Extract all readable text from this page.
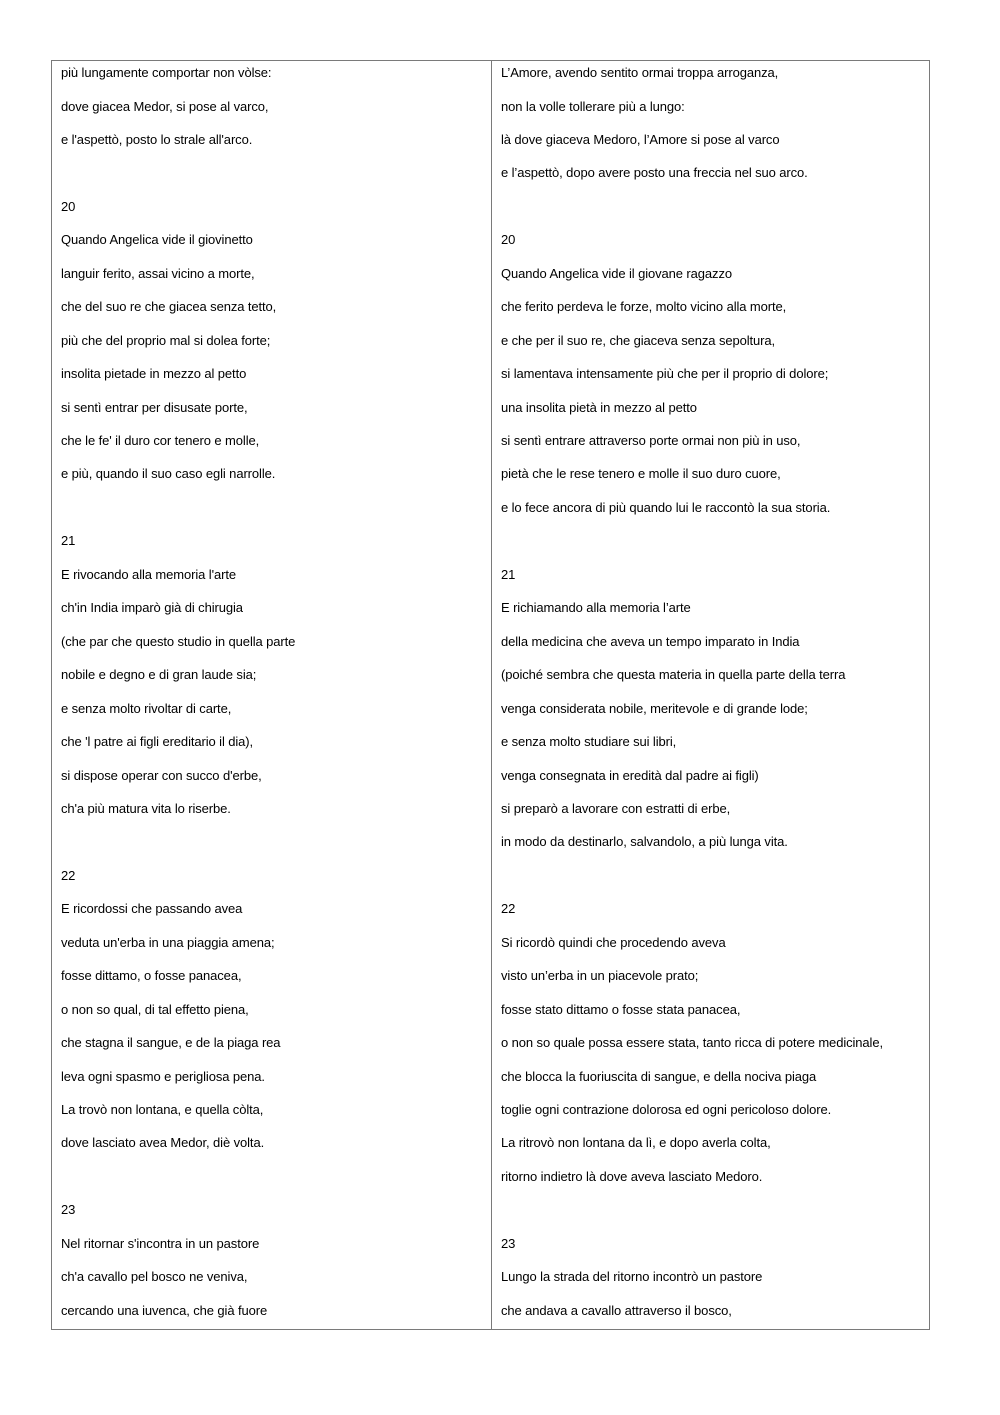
più lungamente comportar non vòlse:
dove giacea Medor, si pose al varco,
e l'aspettò, posto lo strale all'arco.
20
Quando Angelica vide il giovinetto
languir ferito, assai vicino a morte,
che del suo re che giacea senza tetto,
più che del proprio mal si dolea forte;
insolita pietade in mezzo al petto
si sentì entrar per disusate porte,
che le fe' il duro cor tenero e molle,
e più, quando il suo caso egli narrolle.
21
E rivocando alla memoria l'arte
ch'in India imparò già di chirugia
(che par che questo studio in quella parte
nobile e degno e di gran laude sia;
e senza molto rivoltar di carte,
che 'l patre ai figli ereditario il dia),
si dispose operar con succo d'erbe,
ch'a più matura vita lo riserbe.
22
E ricordossi che passando avea
veduta un'erba in una piaggia amena;
fosse dittamo, o fosse panacea,
o non so qual, di tal effetto piena,
che stagna il sangue, e de la piaga rea
leva ogni spasmo e perigliosa pena.
La trovò non lontana, e quella còlta,
dove lasciato avea Medor, diè volta.
23
Nel ritornar s'incontra in un pastore
ch'a cavallo pel bosco ne veniva,
cercando una iuvenca, che già fuore
L’Amore, avendo sentito ormai troppa arroganza,
non la volle tollerare più a lungo:
là dove giaceva Medoro, l’Amore si pose al varco
e l’aspettò, dopo avere posto una freccia nel suo arco.
20
Quando Angelica vide il giovane ragazzo
che ferito perdeva le forze, molto vicino alla morte,
e che per il suo re, che giaceva senza sepoltura,
si lamentava intensamente più che per il proprio di dolore;
una insolita pietà in mezzo al petto
si sentì entrare attraverso porte ormai non più in uso,
pietà che le rese tenero e molle il suo duro cuore,
e lo fece ancora di più quando lui le raccontò la sua storia.
21
E richiamando alla memoria l’arte
della medicina che aveva un tempo imparato in India
(poiché sembra che questa materia in quella parte della terra
venga considerata nobile, meritevole e di grande lode;
e senza molto studiare sui libri,
venga consegnata in eredità dal padre ai figli)
si preparò a lavorare con estratti di erbe,
in modo da destinarlo, salvandolo, a più lunga vita.
22
Si ricordò quindi che procedendo aveva
visto un’erba in un piacevole prato;
fosse stato dittamo o fosse stata panacea,
o non so quale possa essere stata, tanto ricca di potere medicinale,
che blocca la fuoriuscita di sangue, e della nociva piaga
toglie ogni contrazione dolorosa ed ogni pericoloso dolore.
La ritrovò non lontana da lì, e dopo averla colta,
ritorno indietro là dove aveva lasciato Medoro.
23
Lungo la strada del ritorno incontrò un pastore
che andava a cavallo attraverso il bosco,
